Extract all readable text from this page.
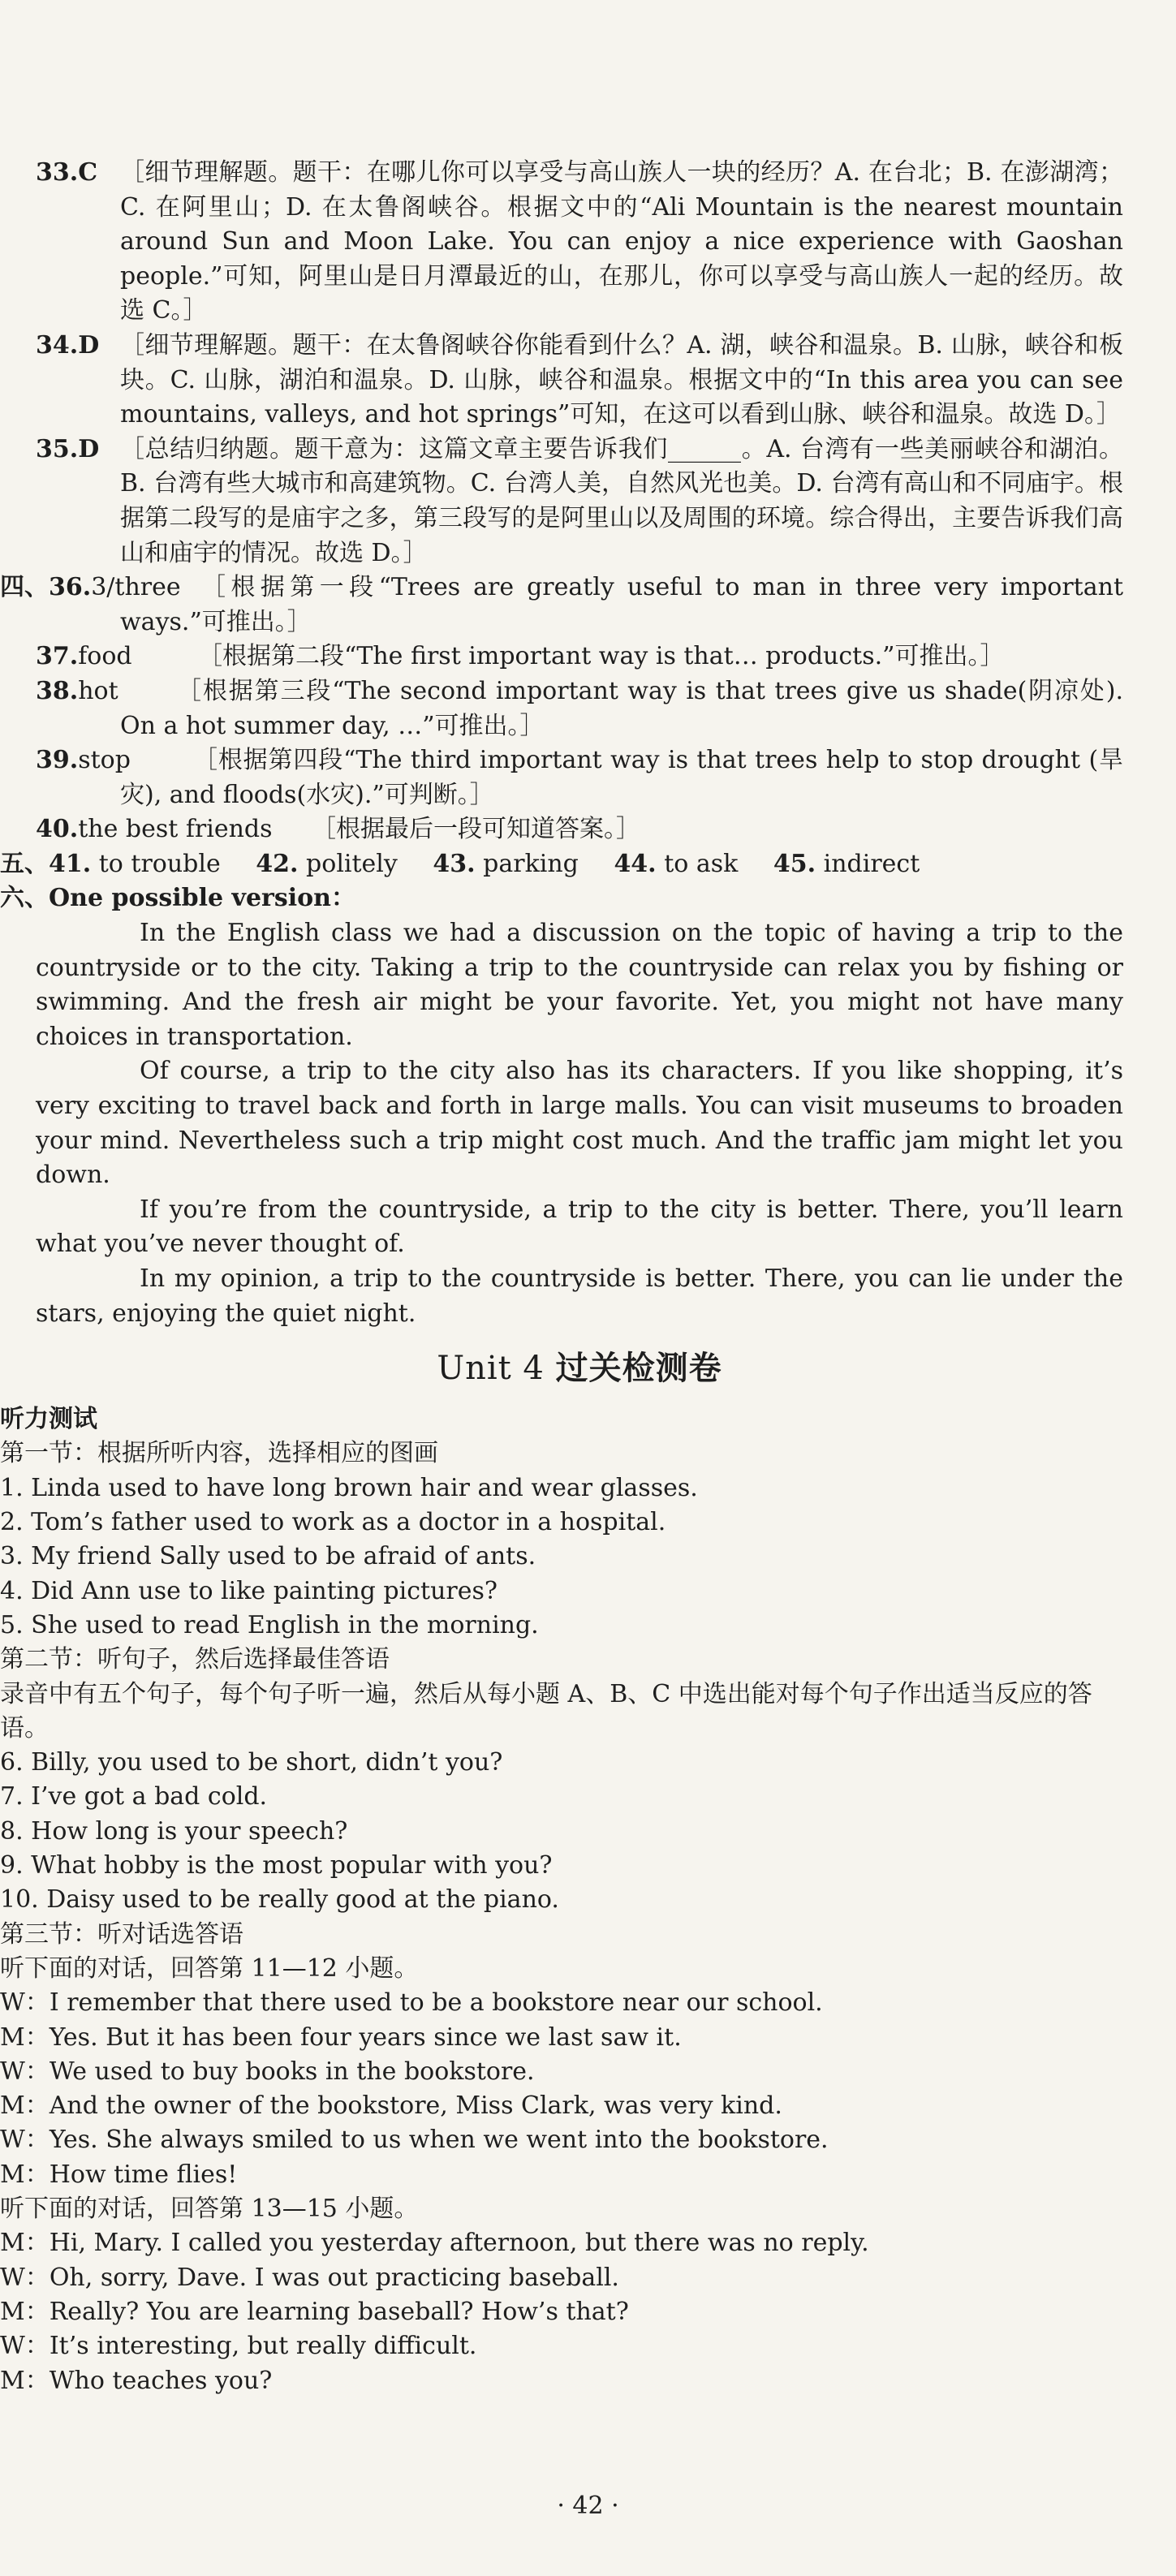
33.C ［细节理解题。题干：在哪儿你可以享受与高山族人一块的经历？A. 在台北；B. 在澎湖湾；C. 在阿里山；D. 在太鲁阁峡谷。根据文中的“Ali Mountain is the nearest mountain around Sun and Moon Lake. You can enjoy a nice experience with Gaoshan people.”可知，阿里山是日月潭最近的山，在那儿，你可以享受与高山族人一起的经历。故选 C。］
34.D ［细节理解题。题干：在太鲁阁峡谷你能看到什么？A. 湖，峡谷和温泉。B. 山脉，峡谷和板块。C. 山脉，湖泊和温泉。D. 山脉，峡谷和温泉。根据文中的“In this area you can see mountains, valleys, and hot springs”可知，在这可以看到山脉、峡谷和温泉。故选 D。］
35.D ［总结归纳题。题干意为：这篇文章主要告诉我们______。A. 台湾有一些美丽峡谷和湖泊。B. 台湾有些大城市和高建筑物。C. 台湾人美，自然风光也美。D. 台湾有高山和不同庙宇。根据第二段写的是庙宇之多，第三段写的是阿里山以及周围的环境。综合得出，主要告诉我们高山和庙宇的情况。故选 D。］
四、36.3/three ［根据第一段“Trees are greatly useful to man in three very important ways.”可推出。］
37.food	［根据第二段“The first important way is that… products.”可推出。］
38.hot	［根据第三段“The second important way is that trees give us shade(阴凉处). On a hot summer day, …”可推出。］
39.stop	［根据第四段“The third important way is that trees help to stop drought (旱灾), and floods(水灾).”可判断。］
40.the best friends	［根据最后一段可知道答案。］
五、41. to trouble 42. politely 43. parking 44. to ask 45. indirect
六、One possible version：

In the English class we had a discussion on the topic of having a trip to the countryside or to the city. Taking a trip to the countryside can relax you by fishing or swimming. And the fresh air might be your favorite. Yet, you might not have many choices in transportation.

Of course, a trip to the city also has its characters. If you like shopping, it’s very exciting to travel back and forth in large malls. You can visit museums to broaden your mind. Nevertheless such a trip might cost much. And the traffic jam might let you down.

If you’re from the countryside, a trip to the city is better. There, you’ll learn what you’ve never thought of.

In my opinion, a trip to the countryside is better. There, you can lie under the stars, enjoying the quiet night.

Unit 4 过关检测卷
听力测试
第一节：根据所听内容，选择相应的图画
1. Linda used to have long brown hair and wear glasses.
2. Tom’s father used to work as a doctor in a hospital.
3. My friend Sally used to be afraid of ants.
4. Did Ann use to like painting pictures?
5. She used to read English in the morning.
第二节：听句子，然后选择最佳答语
录音中有五个句子，每个句子听一遍，然后从每小题 A、B、C 中选出能对每个句子作出适当反应的答语。
6. Billy, you used to be short, didn’t you?
7. I’ve got a bad cold.
8. How long is your speech?
9. What hobby is the most popular with you?
10. Daisy used to be really good at the piano.
第三节：听对话选答语
听下面的对话，回答第 11—12 小题。
W：I remember that there used to be a bookstore near our school.
M：Yes. But it has been four years since we last saw it.
W：We used to buy books in the bookstore.
M：And the owner of the bookstore, Miss Clark, was very kind.
W：Yes. She always smiled to us when we went into the bookstore.
M：How time flies!
听下面的对话，回答第 13—15 小题。
M：Hi, Mary. I called you yesterday afternoon, but there was no reply.
W：Oh, sorry, Dave. I was out practicing baseball.
M：Really? You are learning baseball? How’s that?
W：It’s interesting, but really difficult.
M：Who teaches you?
· 42 ·
